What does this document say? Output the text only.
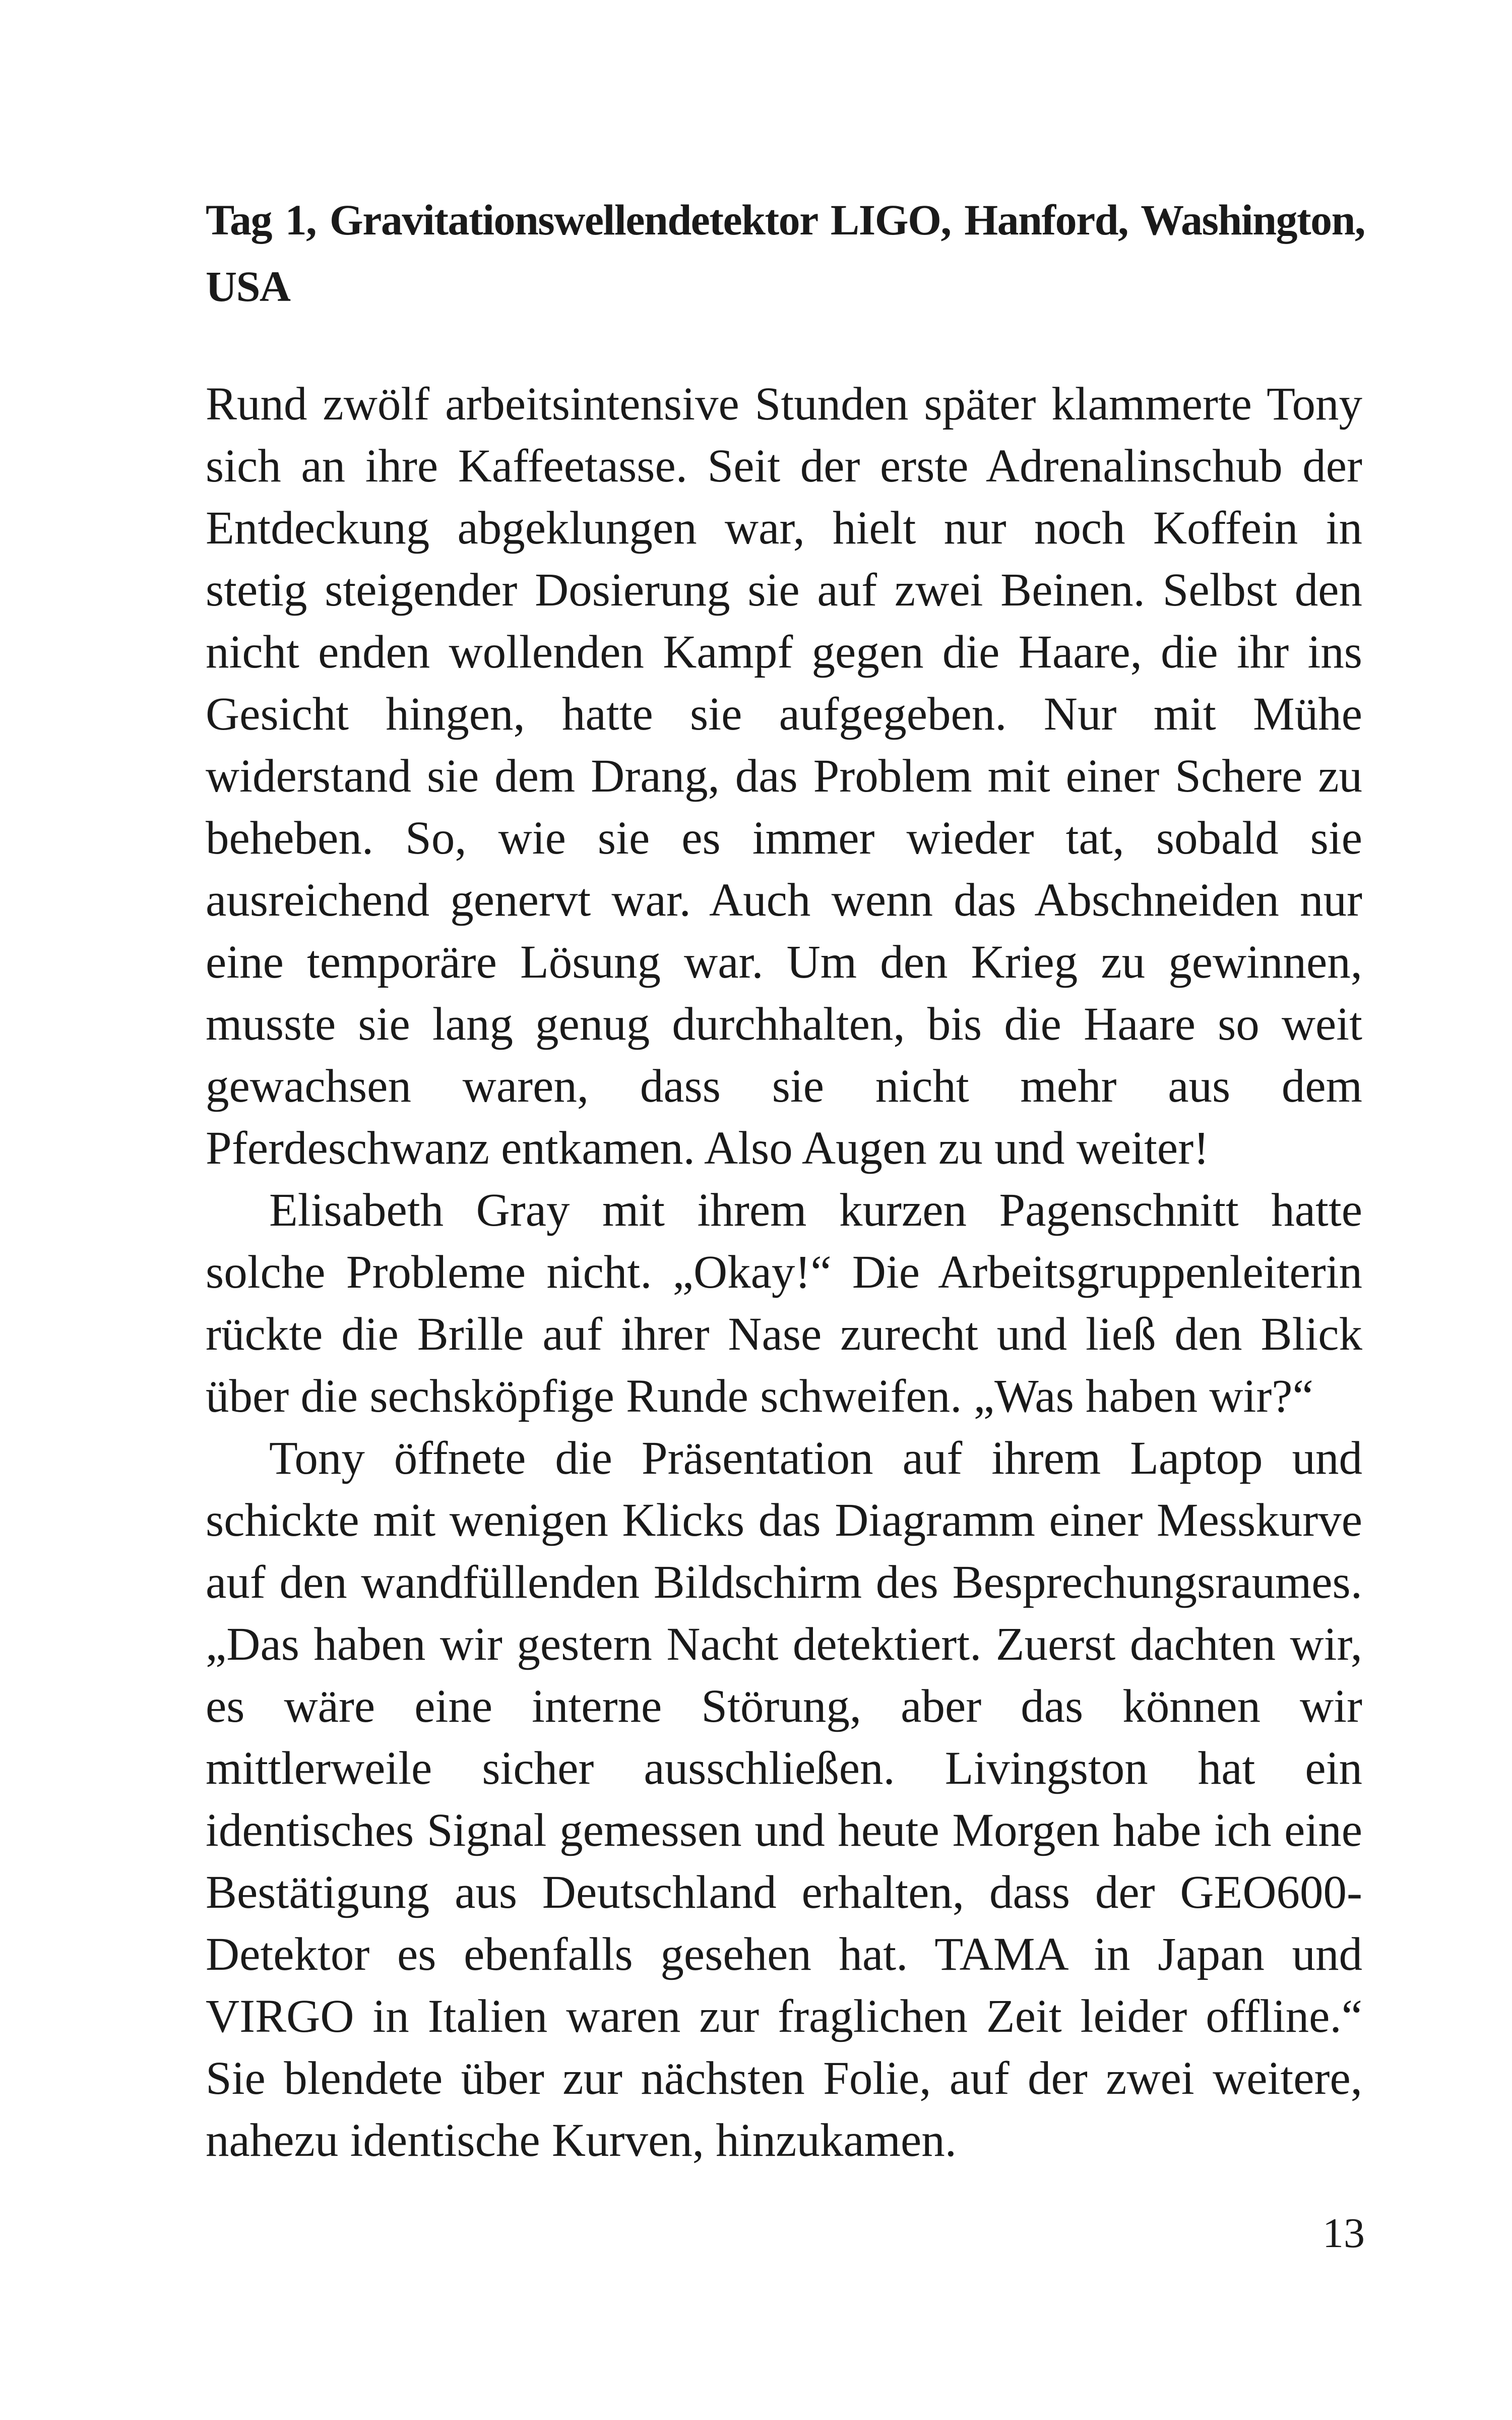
Tag 1, Gravitationswellendetektor LIGO, Hanford, Washington, USA

Rund zwölf arbeitsintensive Stunden später klammerte Tony sich an ihre Kaffeetasse. Seit der erste Adrenalinschub der Entdeckung abgeklungen war, hielt nur noch Koffein in stetig steigender Dosierung sie auf zwei Beinen. Selbst den nicht enden wollenden Kampf gegen die Haare, die ihr ins Gesicht hingen, hatte sie aufgegeben. Nur mit Mühe widerstand sie dem Drang, das Problem mit einer Schere zu beheben. So, wie sie es immer wieder tat, sobald sie ausreichend genervt war. Auch wenn das Abschneiden nur eine temporäre Lösung war. Um den Krieg zu gewinnen, musste sie lang genug durchhalten, bis die Haare so weit gewachsen waren, dass sie nicht mehr aus dem Pferdeschwanz entkamen. Also Augen zu und weiter!

Elisabeth Gray mit ihrem kurzen Pagenschnitt hatte solche Probleme nicht. „Okay!“ Die Arbeitsgruppenleiterin rückte die Brille auf ihrer Nase zurecht und ließ den Blick über die sechsköpfige Runde schweifen. „Was haben wir?“

Tony öffnete die Präsentation auf ihrem Laptop und schickte mit wenigen Klicks das Diagramm einer Messkurve auf den wandfüllenden Bildschirm des Besprechungsraumes. „Das haben wir gestern Nacht detektiert. Zuerst dachten wir, es wäre eine interne Störung, aber das können wir mittlerweile sicher ausschließen. Livingston hat ein identisches Signal gemessen und heute Morgen habe ich eine Bestätigung aus Deutschland erhalten, dass der GEO600-Detektor es ebenfalls gesehen hat. TAMA in Japan und VIRGO in Italien waren zur fraglichen Zeit leider offline.“ Sie blendete über zur nächsten Folie, auf der zwei weitere, nahezu identische Kurven, hinzukamen.

13
